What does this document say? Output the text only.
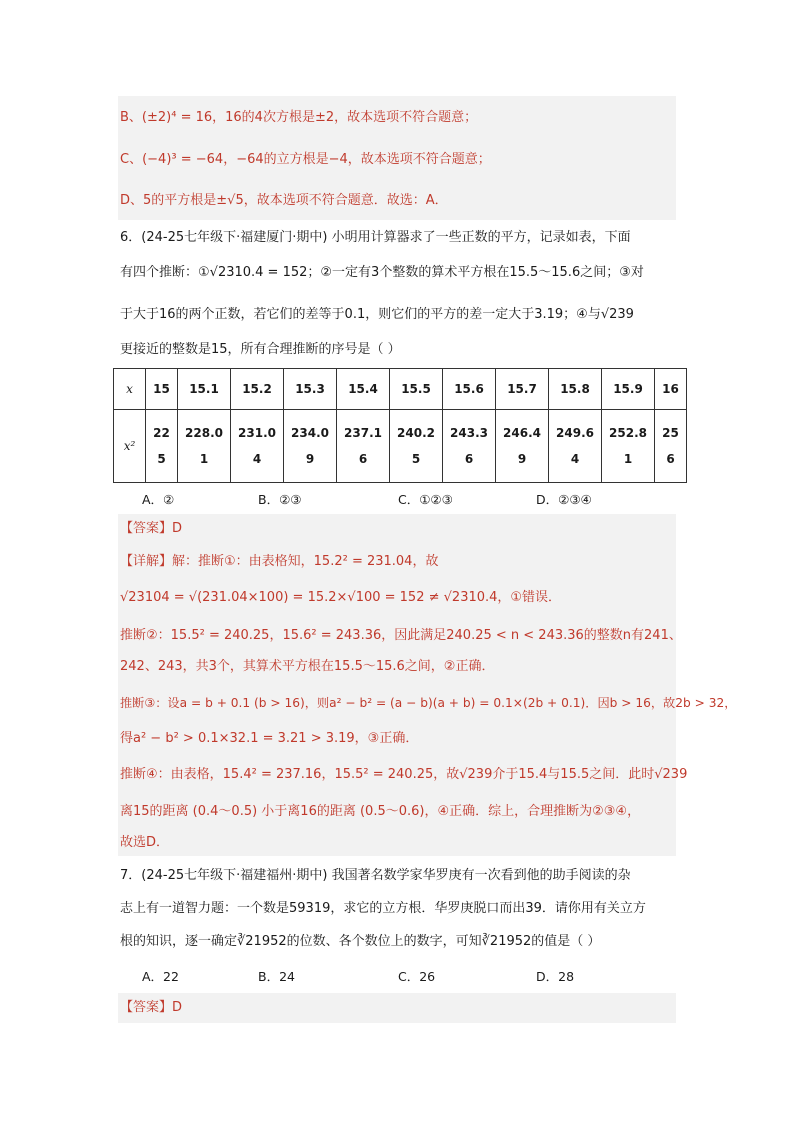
B、(±2)⁴ = 16，16的4次方根是±2，故本选项不符合题意；
C、(−4)³ = −64，−64的立方根是−4，故本选项不符合题意；
D、5的平方根是±√5，故本选项不符合题意．故选：A．
6．(24-25七年级下·福建厦门·期中) 小明用计算器求了一些正数的平方，记录如表，下面
有四个推断：①√2310.4 = 152；②一定有3个整数的算术平方根在15.5～15.6之间；③对
于大于16的两个正数，若它们的差等于0.1，则它们的平方的差一定大于3.19；④与√239
更接近的整数是15，所有合理推断的序号是（ ）
x	15	15.1	15.2	15.3	15.4	15.5	15.6	15.7	15.8	15.9	16
x²	225	228.01	231.04	234.09	237.16	240.25	243.36	246.49	249.64	252.81	256
A．②	B．②③	C．①②③	D．②③④
【答案】D
【详解】解：推断①：由表格知，15.2² = 231.04，故
√23104 = √(231.04×100) = 15.2×√100 = 152 ≠ √2310.4，①错误．
推断②：15.5² = 240.25，15.6² = 243.36，因此满足240.25 < n < 243.36的整数n有241、
242、243，共3个，其算术平方根在15.5～15.6之间，②正确．
推断③：设a = b + 0.1 (b > 16)，则a² − b² = (a − b)(a + b) = 0.1×(2b + 0.1)．因b > 16，故2b > 32，
得a² − b² > 0.1×32.1 = 3.21 > 3.19，③正确．
推断④：由表格，15.4² = 237.16，15.5² = 240.25，故√239介于15.4与15.5之间．此时√239
离15的距离 (0.4～0.5) 小于离16的距离 (0.5～0.6)，④正确．综上，合理推断为②③④，
故选D．
7．(24-25七年级下·福建福州·期中) 我国著名数学家华罗庚有一次看到他的助手阅读的杂
志上有一道智力题：一个数是59319，求它的立方根．华罗庚脱口而出39．请你用有关立方
根的知识，逐一确定∛21952的位数、各个数位上的数字，可知∛21952的值是（ ）
A．22	B．24	C．26	D．28
【答案】D
